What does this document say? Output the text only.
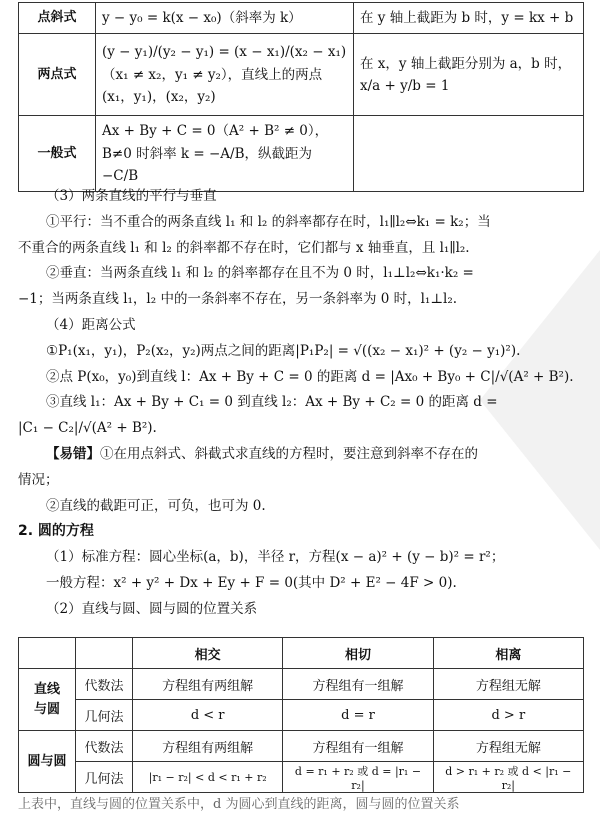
点斜式	y − y₀ = k(x − x₀)（斜率为 k）	在 y 轴上截距为 b 时，y = kx + b
两点式	(y − y₁)/(y₂ − y₁) = (x − x₁)/(x₂ − x₁)（x₁ ≠ x₂，y₁ ≠ y₂），直线上的两点(x₁，y₁)，(x₂，y₂)	在 x，y 轴上截距分别为 a，b 时，x/a + y/b = 1
一般式	Ax + By + C = 0（A² + B² ≠ 0），B≠0 时斜率 k = −A/B，纵截距为 −C/B	

（3）两条直线的平行与垂直

①平行：当不重合的两条直线 l₁ 和 l₂ 的斜率都存在时，l₁∥l₂⇔k₁ = k₂；当

不重合的两条直线 l₁ 和 l₂ 的斜率都不存在时，它们都与 x 轴垂直，且 l₁∥l₂.

②垂直：当两条直线 l₁ 和 l₂ 的斜率都存在且不为 0 时，l₁⊥l₂⇔k₁·k₂ =

−1；当两条直线 l₁，l₂ 中的一条斜率不存在，另一条斜率为 0 时，l₁⊥l₂.

（4）距离公式

①P₁(x₁，y₁)，P₂(x₂，y₂)两点之间的距离|P₁P₂| = √((x₂ − x₁)² + (y₂ − y₁)²).

②点 P(x₀，y₀)到直线 l：Ax + By + C = 0 的距离 d = |Ax₀ + By₀ + C|/√(A² + B²).

③直线 l₁：Ax + By + C₁ = 0 到直线 l₂：Ax + By + C₂ = 0 的距离 d =

|C₁ − C₂|/√(A² + B²).

【易错】①在用点斜式、斜截式求直线的方程时，要注意到斜率不存在的

情况；

②直线的截距可正，可负，也可为 0.

2. 圆的方程

（1）标准方程：圆心坐标(a，b)，半径 r，方程(x − a)² + (y − b)² = r²；

一般方程：x² + y² + Dx + Ey + F = 0(其中 D² + E² − 4F > 0).

（2）直线与圆、圆与圆的位置关系

		相交	相切	相离
直线
与圆	代数法	方程组有两组解	方程组有一组解	方程组无解
	几何法	d < r	d = r	d > r
圆与圆	代数法	方程组有两组解	方程组有一组解	方程组无解
	几何法	|r₁ − r₂| < d < r₁ + r₂	d = r₁ + r₂ 或 d = |r₁ − r₂|	d > r₁ + r₂ 或 d < |r₁ − r₂|
上表中，直线与圆的位置关系中，d 为圆心到直线的距离，圆与圆的位置关系
